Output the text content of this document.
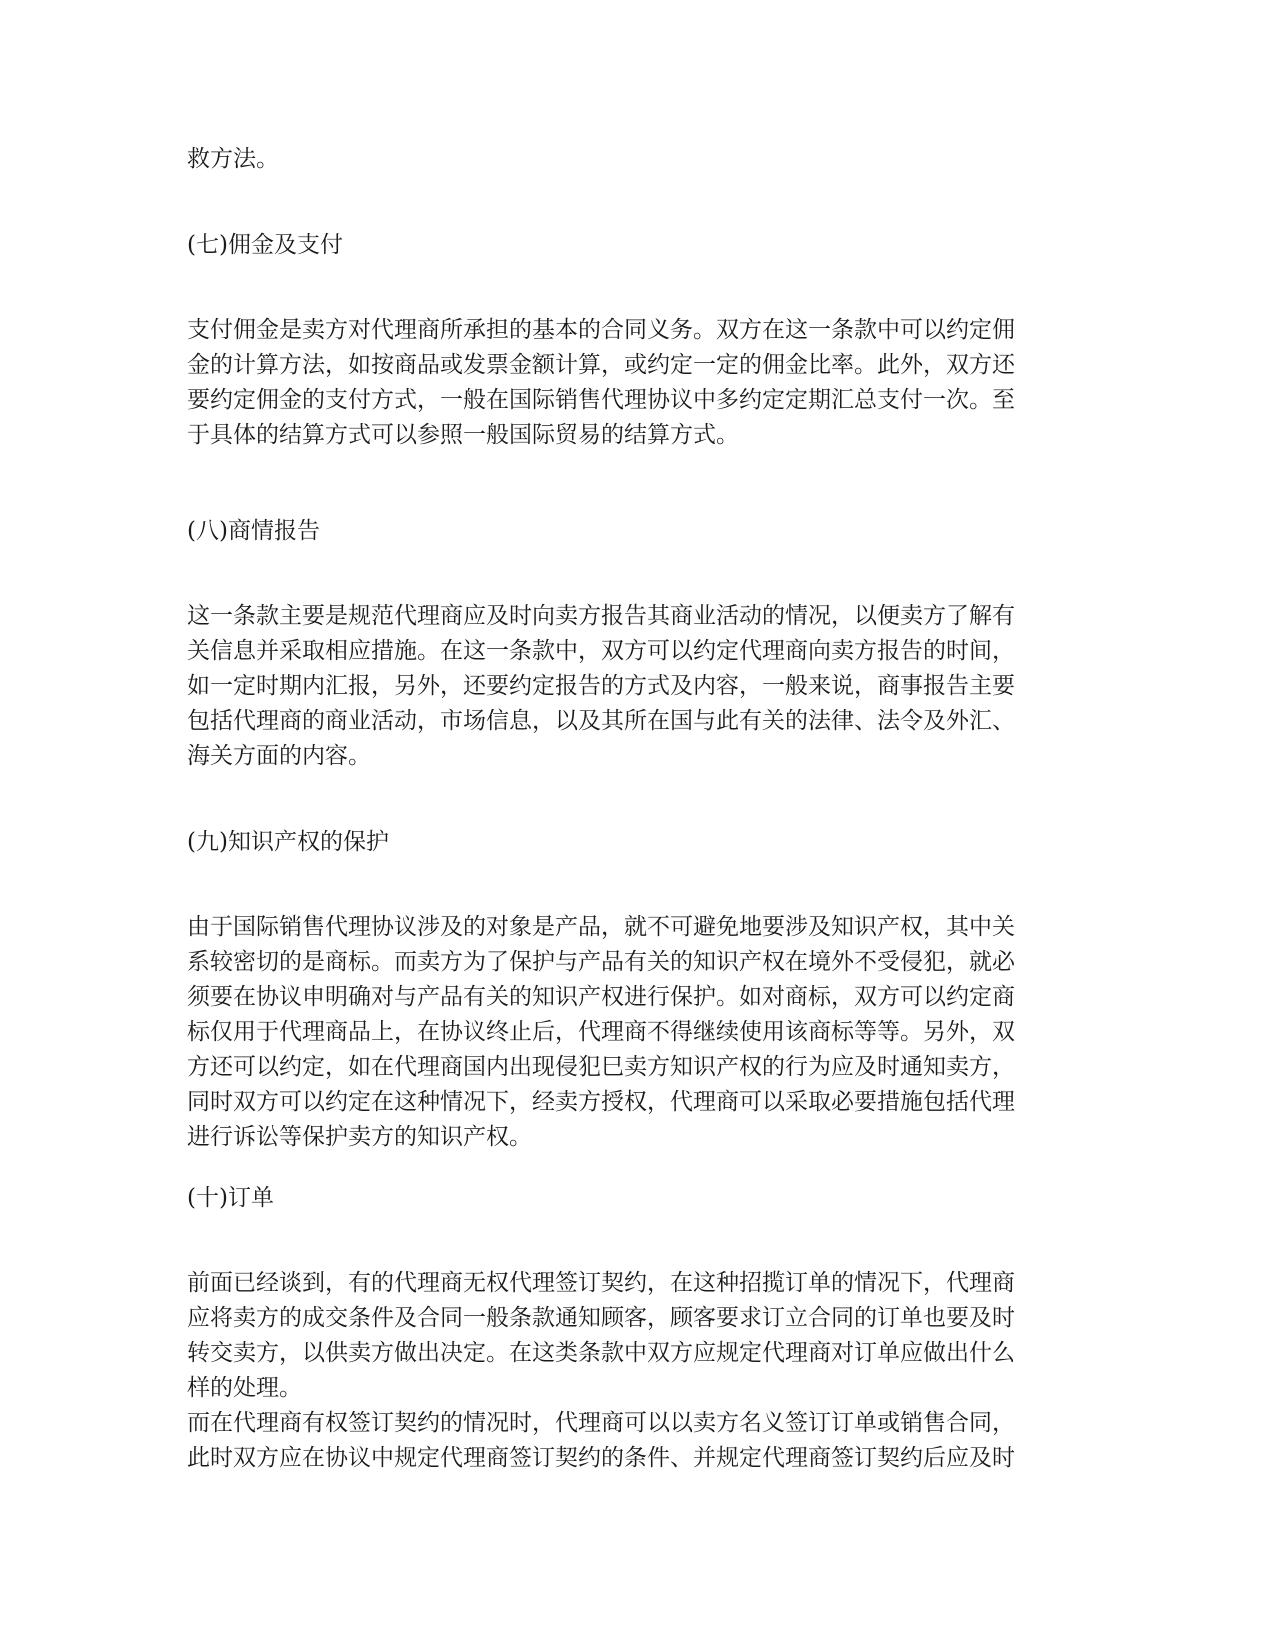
救方法。

(七)佣金及支付

支付佣金是卖方对代理商所承担的基本的合同义务。双方在这一条款中可以约定佣
金的计算方法，如按商品或发票金额计算，或约定一定的佣金比率。此外，双方还
要约定佣金的支付方式，一般在国际销售代理协议中多约定定期汇总支付一次。至
于具体的结算方式可以参照一般国际贸易的结算方式。

(八)商情报告

这一条款主要是规范代理商应及时向卖方报告其商业活动的情况，以便卖方了解有
关信息并采取相应措施。在这一条款中，双方可以约定代理商向卖方报告的时间，
如一定时期内汇报，另外，还要约定报告的方式及内容，一般来说，商事报告主要
包括代理商的商业活动，市场信息，以及其所在国与此有关的法律、法令及外汇、
海关方面的内容。

(九)知识产权的保护

由于国际销售代理协议涉及的对象是产品，就不可避免地要涉及知识产权，其中关
系较密切的是商标。而卖方为了保护与产品有关的知识产权在境外不受侵犯，就必
须要在协议申明确对与产品有关的知识产权进行保护。如对商标，双方可以约定商
标仅用于代理商品上，在协议终止后，代理商不得继续使用该商标等等。另外，双
方还可以约定，如在代理商国内出现侵犯巳卖方知识产权的行为应及时通知卖方，
同时双方可以约定在这种情况下，经卖方授权，代理商可以采取必要措施包括代理
进行诉讼等保护卖方的知识产权。

(十)订单

前面已经谈到，有的代理商无权代理签订契约，在这种招揽订单的情况下，代理商
应将卖方的成交条件及合同一般条款通知顾客，顾客要求订立合同的订单也要及时
转交卖方，以供卖方做出决定。在这类条款中双方应规定代理商对订单应做出什么
样的处理。
而在代理商有权签订契约的情况时，代理商可以以卖方名义签订订单或销售合同，
此时双方应在协议中规定代理商签订契约的条件、并规定代理商签订契约后应及时
